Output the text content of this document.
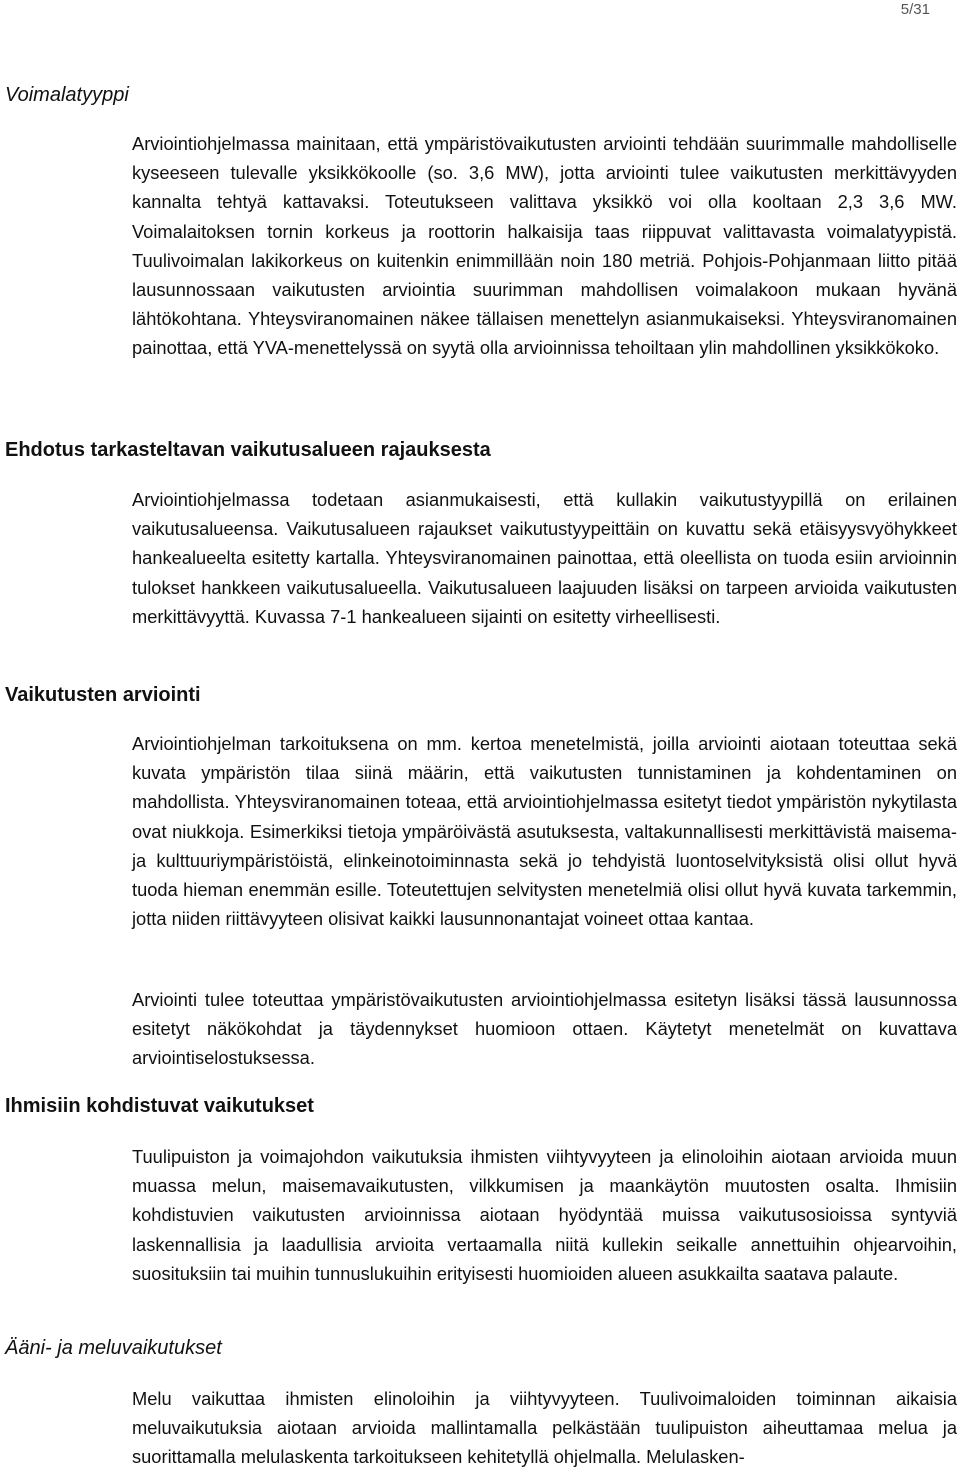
5/31
Voimalatyyppi

Arviointiohjelmassa mainitaan, että ympäristövaikutusten arviointi tehdään suurimmalle mahdolliselle kyseeseen tulevalle yksikkökoolle (so. 3,6 MW), jotta arviointi tulee vaikutusten merkittävyyden kannalta tehtyä kattavaksi. Toteutukseen valittava yksikkö voi olla kooltaan 2,3 3,6 MW. Voimalaitoksen tornin korkeus ja roottorin halkaisija taas riippuvat valittavasta voimalatyypistä. Tuulivoimalan lakikorkeus on kuitenkin enimmillään noin 180 metriä. Pohjois-Pohjanmaan liitto pitää lausunnossaan vaikutusten arviointia suurimman mahdollisen voimalakoon mukaan hyvänä lähtökohtana. Yhteysviranomainen näkee tällaisen menettelyn asianmukaiseksi. Yhteysviranomainen painottaa, että YVA-menettelyssä on syytä olla arvioinnissa tehoiltaan ylin mahdollinen yksikkökoko.

Ehdotus tarkasteltavan vaikutusalueen rajauksesta

Arviointiohjelmassa todetaan asianmukaisesti, että kullakin vaikutustyypillä on erilainen vaikutusalueensa. Vaikutusalueen rajaukset vaikutustyypeittäin on kuvattu sekä etäisyysvyöhykkeet hankealueelta esitetty kartalla. Yhteysviranomainen painottaa, että oleellista on tuoda esiin arvioinnin tulokset hankkeen vaikutusalueella. Vaikutusalueen laajuuden lisäksi on tarpeen arvioida vaikutusten merkittävyyttä. Kuvassa 7-1 hankealueen sijainti on esitetty virheellisesti.

Vaikutusten arviointi

Arviointiohjelman tarkoituksena on mm. kertoa menetelmistä, joilla arviointi aiotaan toteuttaa sekä kuvata ympäristön tilaa siinä määrin, että vaikutusten tunnistaminen ja kohdentaminen on mahdollista. Yhteysviranomainen toteaa, että arviointiohjelmassa esitetyt tiedot ympäristön nykytilasta ovat niukkoja. Esimerkiksi tietoja ympäröivästä asutuksesta, valtakunnallisesti merkittävistä maisema- ja kulttuuriympäristöistä, elinkeinotoiminnasta sekä jo tehdyistä luontoselvityksistä olisi ollut hyvä tuoda hieman enemmän esille. Toteutettujen selvitysten menetelmiä olisi ollut hyvä kuvata tarkemmin, jotta niiden riittävyyteen olisivat kaikki lausunnonantajat voineet ottaa kantaa.

Arviointi tulee toteuttaa ympäristövaikutusten arviointiohjelmassa esitetyn lisäksi tässä lausunnossa esitetyt näkökohdat ja täydennykset huomioon ottaen. Käytetyt menetelmät on kuvattava arviointiselostuksessa.

Ihmisiin kohdistuvat vaikutukset

Tuulipuiston ja voimajohdon vaikutuksia ihmisten viihtyvyyteen ja elinoloihin aiotaan arvioida muun muassa melun, maisemavaikutusten, vilkkumisen ja maankäytön muutosten osalta. Ihmisiin kohdistuvien vaikutusten arvioinnissa aiotaan hyödyntää muissa vaikutusosioissa syntyviä laskennallisia ja laadullisia arvioita vertaamalla niitä kullekin seikalle annettuihin ohjearvoihin, suosituksiin tai muihin tunnuslukuihin erityisesti huomioiden alueen asukkailta saatava palaute.

Ääni- ja meluvaikutukset

Melu vaikuttaa ihmisten elinoloihin ja viihtyvyyteen. Tuulivoimaloiden toiminnan aikaisia meluvaikutuksia aiotaan arvioida mallintamalla pelkästään tuulipuiston aiheuttamaa melua ja suorittamalla melulaskenta tarkoitukseen kehitetyllä ohjelmalla. Melulasken-
